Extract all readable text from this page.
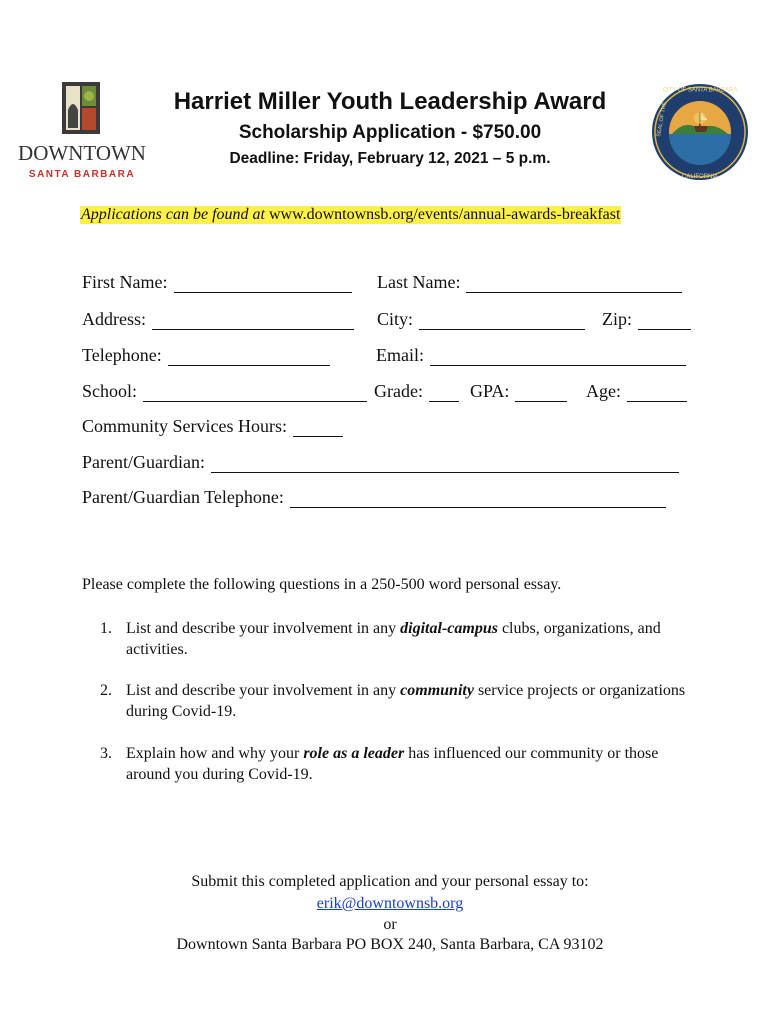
DOWNTOWN
SANTA BARBARA
Harriet Miller Youth Leadership Award
Scholarship Application - $750.00
Deadline: Friday, February 12, 2021 – 5 p.m.
CITY OF SANTA BARBARA
SEAL OF THE
CALIFORNIA
Applications can be found at www.downtownsb.org/events/annual-awards-breakfast
First Name:	Last Name:
Address:	City:	Zip:
Telephone:	Email:
School:	Grade:	GPA:	Age:
Community Services Hours:
Parent/Guardian:
Parent/Guardian Telephone:
Please complete the following questions in a 250-500 word personal essay.
1. List and describe your involvement in any digital-campus clubs, organizations, and activities.
2. List and describe your involvement in any community service projects or organizations during Covid-19.
3. Explain how and why your role as a leader has influenced our community or those around you during Covid-19.
Submit this completed application and your personal essay to:
erik@downtownsb.org
or
Downtown Santa Barbara PO BOX 240, Santa Barbara, CA 93102
